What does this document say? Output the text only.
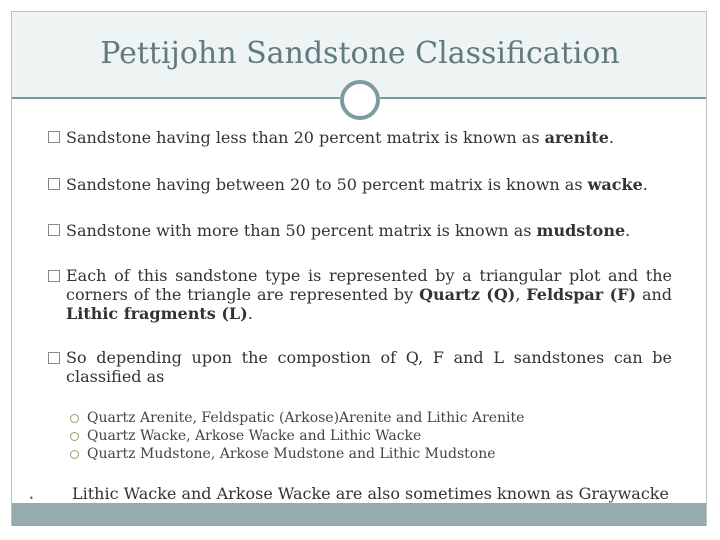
Pettijohn Sandstone Classification
Sandstone having less than 20 percent matrix is known as arenite.
Sandstone having between 20 to 50 percent matrix is known as wacke.
Sandstone with more than 50 percent matrix is known as mudstone.
Each of this sandstone type is represented by a triangular plot and the corners of the triangle are represented by Quartz (Q), Feldspar (F) and Lithic fragments (L).
So depending upon the compostion of Q, F and L sandstones can be classified as
Quartz Arenite, Feldspatic (Arkose)Arenite and Lithic Arenite
Quartz Wacke, Arkose Wacke and Lithic Wacke
Quartz Mudstone, Arkose Mudstone and Lithic Mudstone
• Lithic Wacke and Arkose Wacke are also sometimes known as Graywacke
